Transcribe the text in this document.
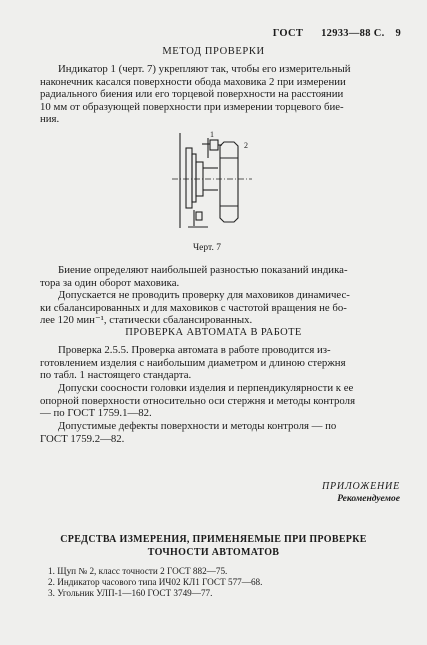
ГОСТ 12933—88 С. 9
МЕТОД ПРОВЕРКИ
Индикатор 1 (черт. 7) укрепляют так, чтобы его измерительный
наконечник касался поверхности обода маховика 2 при измерении
радиального биения или его торцевой поверхности на расстоянии
10 мм от образующей поверхности при измерении торцевого бие-
ния.
1
2
Черт. 7
Биение определяют наибольшей разностью показаний индика-
тора за один оборот маховика.
Допускается не проводить проверку для маховиков динамичес-
ки сбалансированных и для маховиков с частотой вращения не бо-
лее 120 мин⁻¹, статически сбалансированных.
ПРОВЕРКА АВТОМАТА В РАБОТЕ
Проверка 2.5.5. Проверка автомата в работе проводится из-
готовлением изделия с наибольшим диаметром и длиною стержня
по табл. 1 настоящего стандарта.
Допуски соосности головки изделия и перпендикулярности к ее
опорной поверхности относительно оси стержня и методы контроля
— по ГОСТ 1759.1—82.
Допустимые дефекты поверхности и методы контроля — по
ГОСТ 1759.2—82.
ПРИЛОЖЕНИЕ
Рекомендуемое
СРЕДСТВА ИЗМЕРЕНИЯ, ПРИМЕНЯЕМЫЕ ПРИ ПРОВЕРКЕ
ТОЧНОСТИ АВТОМАТОВ
1. Щуп № 2, класс точности 2 ГОСТ 882—75.
2. Индикатор часового типа ИЧ02 КЛ1 ГОСТ 577—68.
3. Угольник УЛП-1—160 ГОСТ 3749—77.
